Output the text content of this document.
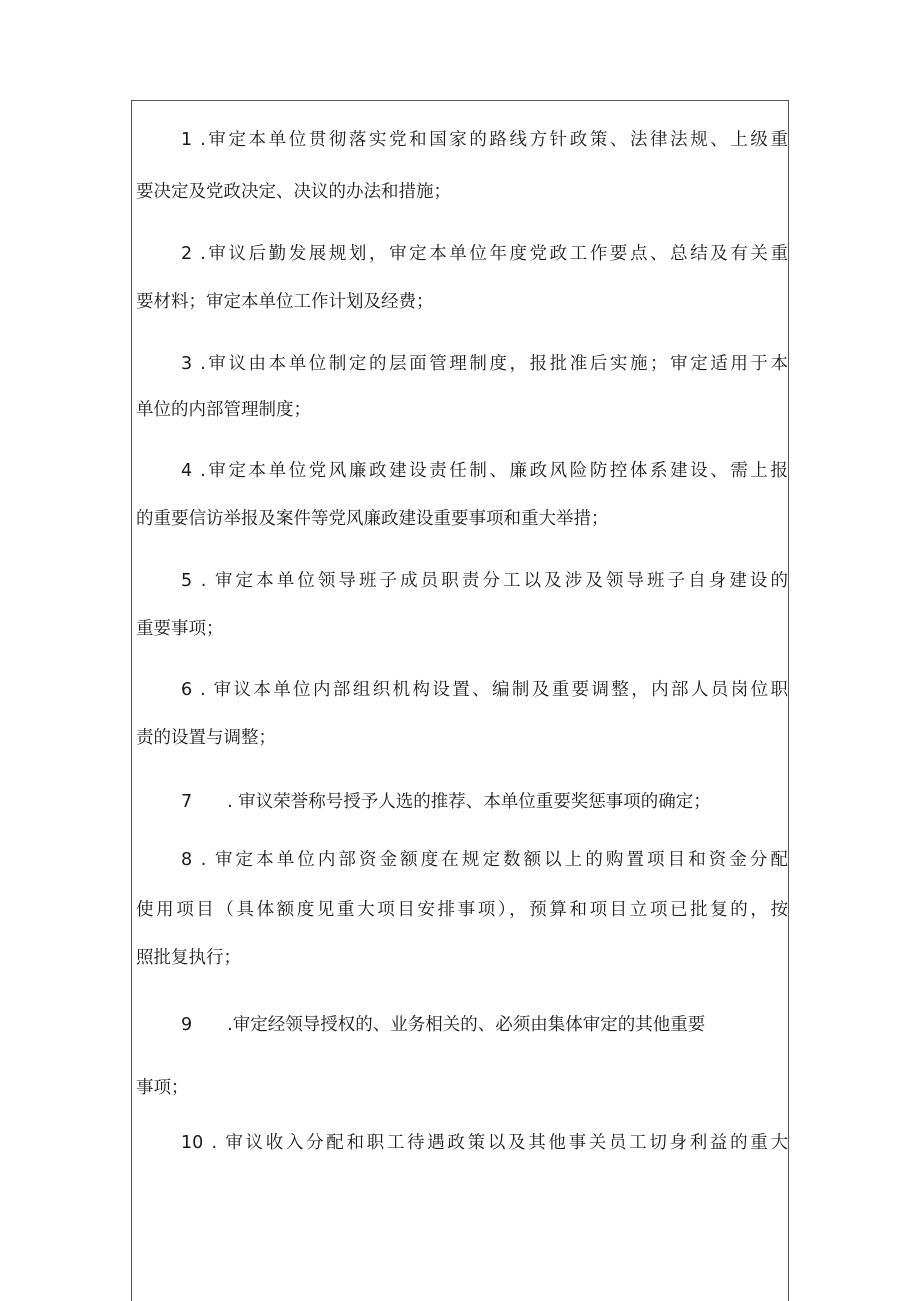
1 .审定本单位贯彻落实党和国家的路线方针政策、法律法规、上级重
要决定及党政决定、决议的办法和措施；
2 .审议后勤发展规划，审定本单位年度党政工作要点、总结及有关重
要材料；审定本单位工作计划及经费；
3 .审议由本单位制定的层面管理制度，报批准后实施；审定适用于本
单位的内部管理制度；
4 .审定本单位党风廉政建设责任制、廉政风险防控体系建设、需上报
的重要信访举报及案件等党风廉政建设重要事项和重大举措；
5 . 审定本单位领导班子成员职责分工以及涉及领导班子自身建设的
重要事项；
6 . 审议本单位内部组织机构设置、编制及重要调整，内部人员岗位职
责的设置与调整；
7　　. 审议荣誉称号授予人选的推荐、本单位重要奖惩事项的确定；
8 . 审定本单位内部资金额度在规定数额以上的购置项目和资金分配
使用项目（具体额度见重大项目安排事项），预算和项目立项已批复的，按
照批复执行；
9　　.审定经领导授权的、业务相关的、必须由集体审定的其他重要
事项；
10 . 审议收入分配和职工待遇政策以及其他事关员工切身利益的重大
